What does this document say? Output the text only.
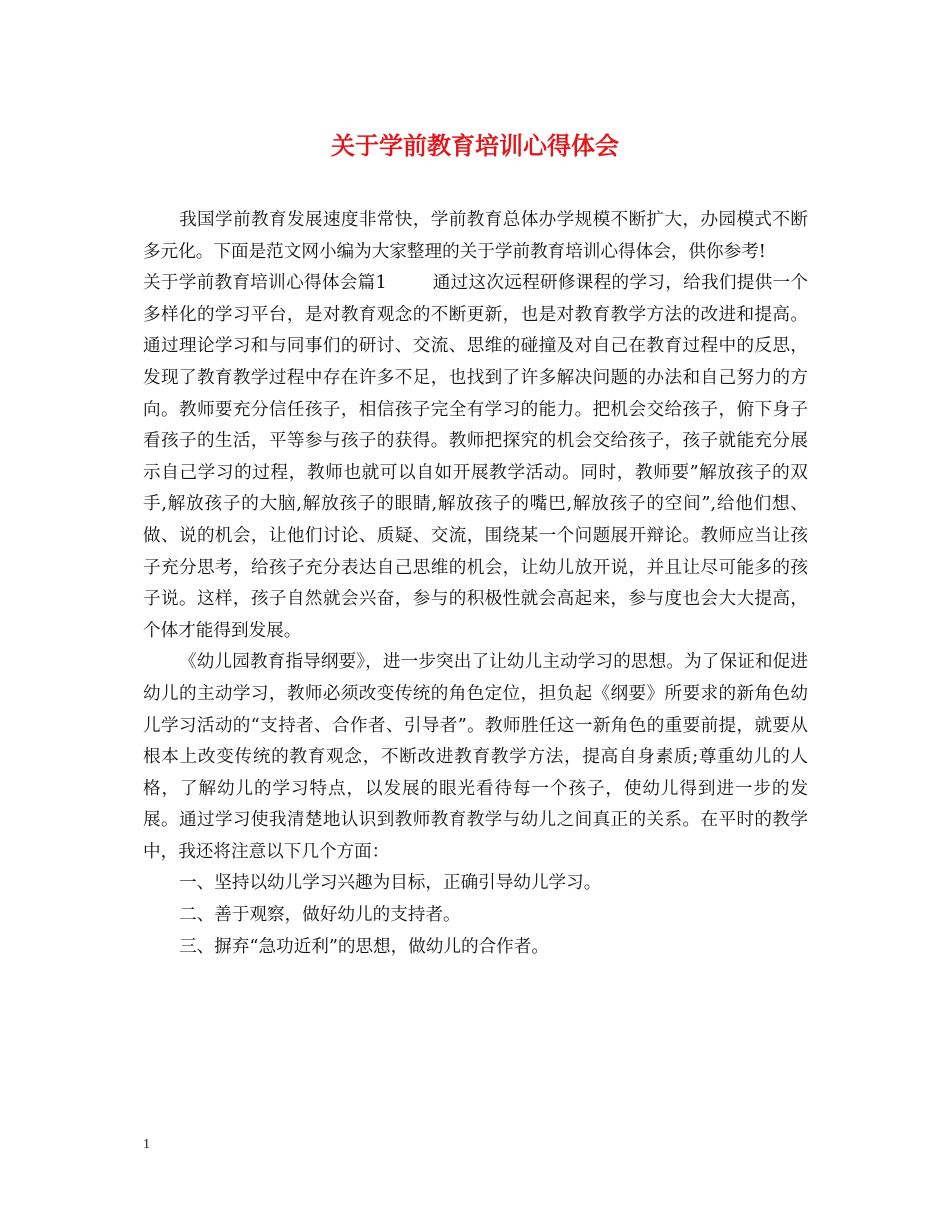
关于学前教育培训心得体会

我国学前教育发展速度非常快，学前教育总体办学规模不断扩大，办园模式不断多元化。下面是范文网小编为大家整理的关于学前教育培训心得体会，供你参考!

关于学前教育培训心得体会篇1	通过这次远程研修课程的学习，给我们提供一个多样化的学习平台，是对教育观念的不断更新，也是对教育教学方法的改进和提高。通过理论学习和与同事们的研讨、交流、思维的碰撞及对自己在教育过程中的反思，发现了教育教学过程中存在许多不足，也找到了许多解决问题的办法和自己努力的方向。教师要充分信任孩子，相信孩子完全有学习的能力。把机会交给孩子，俯下身子看孩子的生活，平等参与孩子的获得。教师把探究的机会交给孩子，孩子就能充分展示自己学习的过程，教师也就可以自如开展教学活动。同时，教师要”解放孩子的双手,解放孩子的大脑,解放孩子的眼睛,解放孩子的嘴巴,解放孩子的空间”,给他们想、做、说的机会，让他们讨论、质疑、交流，围绕某一个问题展开辩论。教师应当让孩子充分思考，给孩子充分表达自己思维的机会，让幼儿放开说，并且让尽可能多的孩子说。这样，孩子自然就会兴奋，参与的积极性就会高起来，参与度也会大大提高，个体才能得到发展。

《幼儿园教育指导纲要》，进一步突出了让幼儿主动学习的思想。为了保证和促进幼儿的主动学习，教师必须改变传统的角色定位，担负起《纲要》所要求的新角色幼儿学习活动的“支持者、合作者、引导者”。教师胜任这一新角色的重要前提，就要从根本上改变传统的教育观念，不断改进教育教学方法，提高自身素质;尊重幼儿的人格，了解幼儿的学习特点，以发展的眼光看待每一个孩子，使幼儿得到进一步的发展。通过学习使我清楚地认识到教师教育教学与幼儿之间真正的关系。在平时的教学中，我还将注意以下几个方面：

一、坚持以幼儿学习兴趣为目标，正确引导幼儿学习。

二、善于观察，做好幼儿的支持者。

三、摒弃“急功近利”的思想，做幼儿的合作者。

1
